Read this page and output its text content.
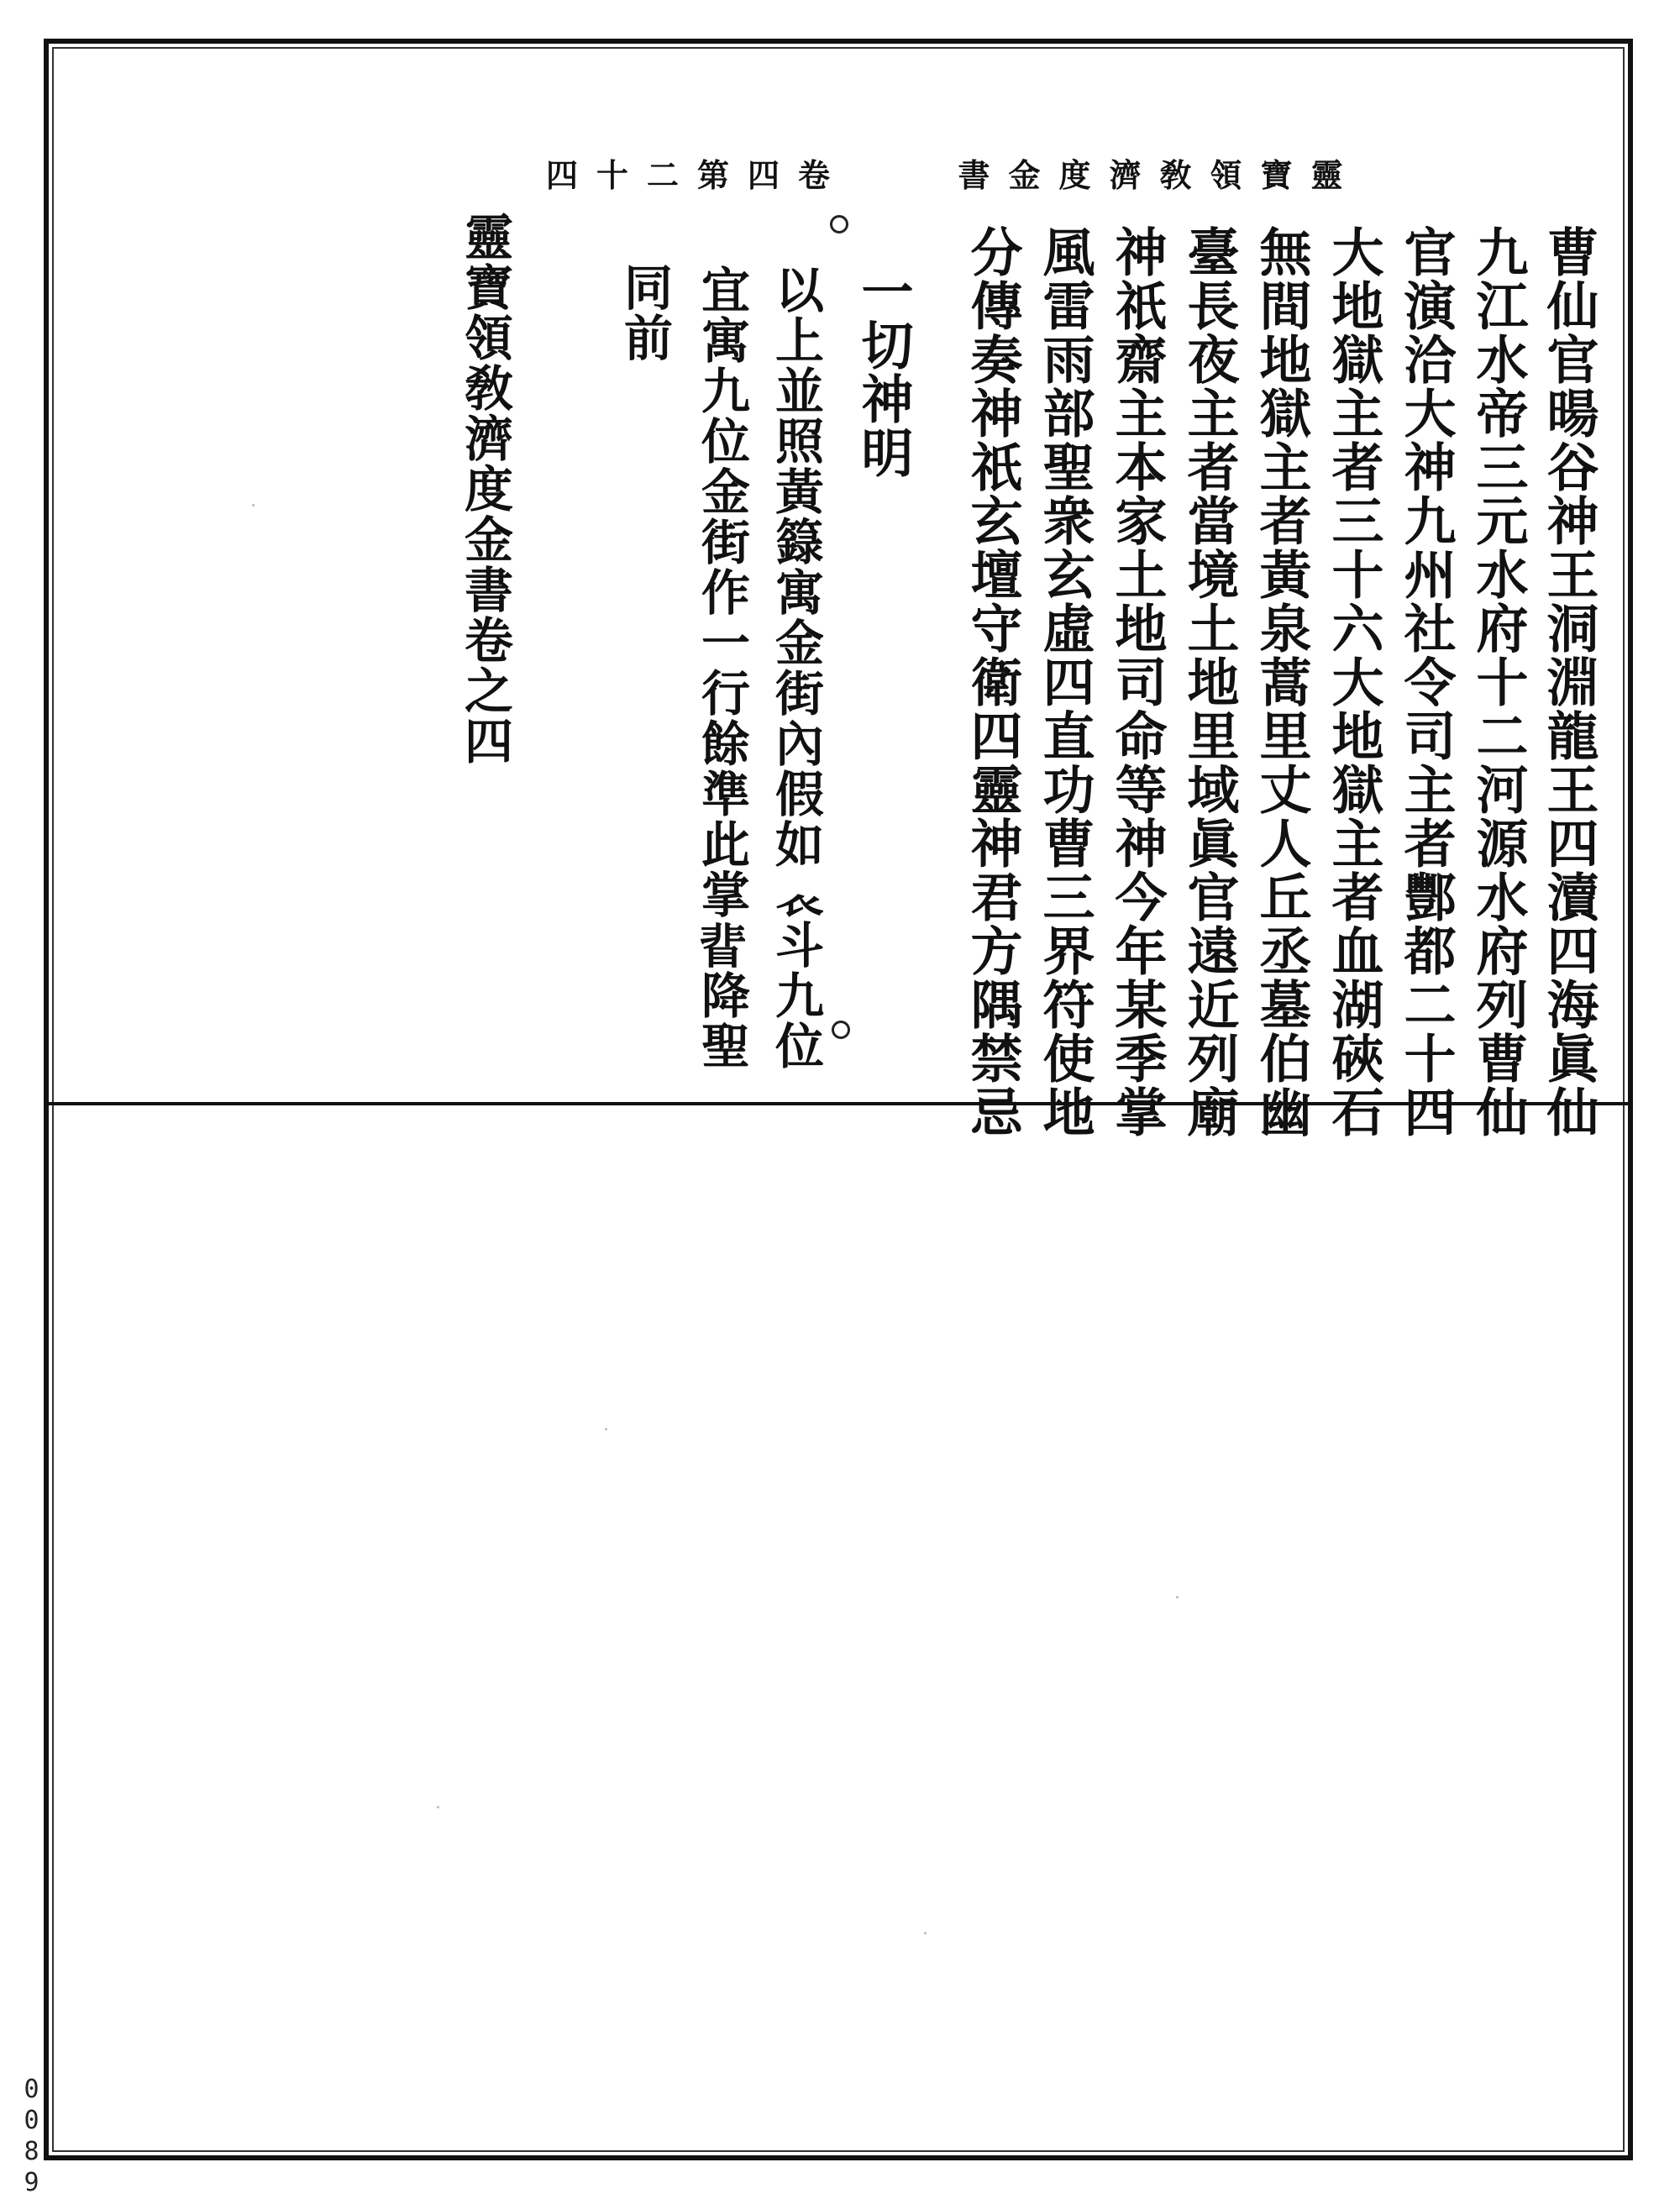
卷四第二十四	靈寶領敎濟度金書
曹仙官暘谷神王洞淵龍王四瀆四海眞仙
九江水帝三元水府十二河源水府列曹仙
官演洽大神九州社令司主者酆都二十四
大地獄主者三十六大地獄主者血湖硤石
無間地獄主者黃泉蒿里丈人丘丞墓伯幽
臺長夜主者當境土地里域眞官遠近列廟
神祇齋主本家土地司命等神今年某季掌
風雷雨部聖衆玄虛四直功曹三界符使地
分傳奏神祇玄壇守衛四靈神君方隅禁忌
一切神明
以上並照黃籙寓金街內假如𧘇斗九位
宜寓九位金街作一行餘準此掌𥇖降聖
同前
靈寶領敎濟度金書卷之四
0089
